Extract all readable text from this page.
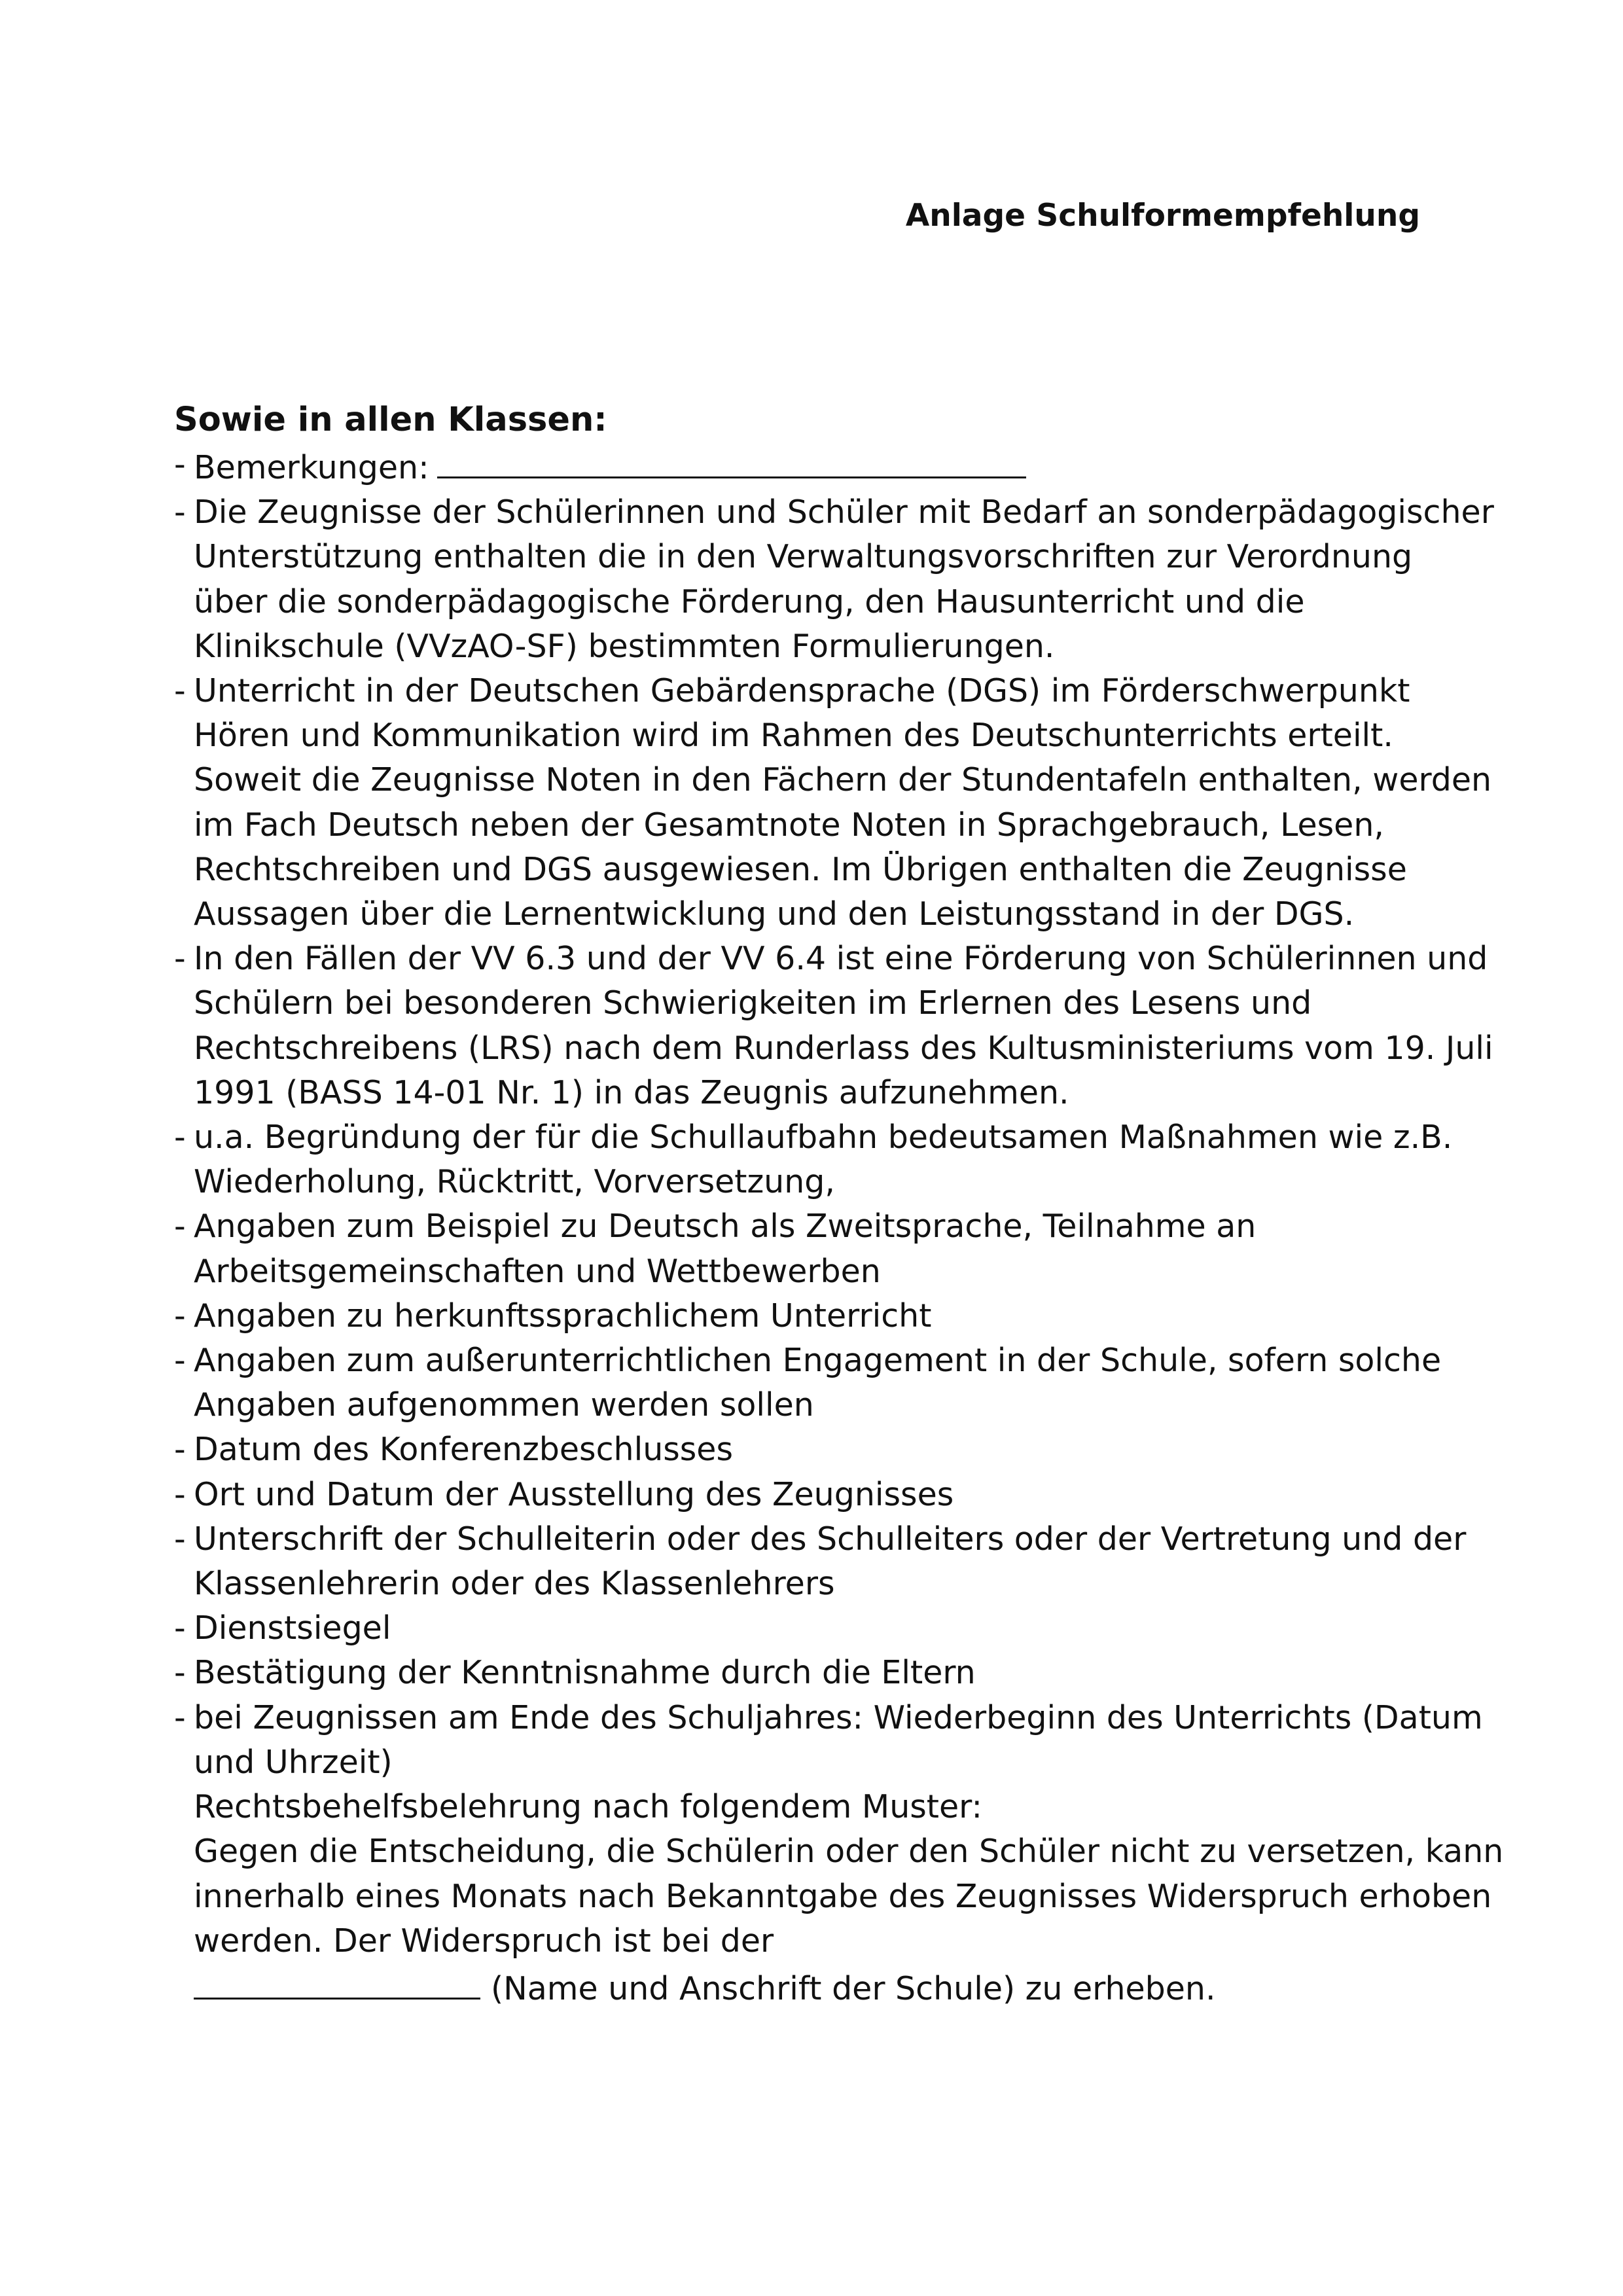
Anlage Schulformempfehlung

Sowie in allen Klassen:

- Bemerkungen:
- Die Zeugnisse der Schülerinnen und Schüler mit Bedarf an sonderpädagogischer
Unterstützung enthalten die in den Verwaltungsvorschriften zur Verordnung
über die sonderpädagogische Förderung, den Hausunterricht und die
Klinikschule (VVzAO-SF) bestimmten Formulierungen.
- Unterricht in der Deutschen Gebärdensprache (DGS) im Förderschwerpunkt
Hören und Kommunikation wird im Rahmen des Deutschunterrichts erteilt.
Soweit die Zeugnisse Noten in den Fächern der Stundentafeln enthalten, werden
im Fach Deutsch neben der Gesamtnote Noten in Sprachgebrauch, Lesen,
Rechtschreiben und DGS ausgewiesen. Im Übrigen enthalten die Zeugnisse
Aussagen über die Lernentwicklung und den Leistungsstand in der DGS.
- In den Fällen der VV 6.3 und der VV 6.4 ist eine Förderung von Schülerinnen und
Schülern bei besonderen Schwierigkeiten im Erlernen des Lesens und
Rechtschreibens (LRS) nach dem Runderlass des Kultusministeriums vom 19. Juli
1991 (BASS 14-01 Nr. 1) in das Zeugnis aufzunehmen.
- u.a. Begründung der für die Schullaufbahn bedeutsamen Maßnahmen wie z.B.
Wiederholung, Rücktritt, Vorversetzung,
- Angaben zum Beispiel zu Deutsch als Zweitsprache, Teilnahme an
Arbeitsgemeinschaften und Wettbewerben
- Angaben zu herkunftssprachlichem Unterricht
- Angaben zum außerunterrichtlichen Engagement in der Schule, sofern solche
Angaben aufgenommen werden sollen
- Datum des Konferenzbeschlusses
- Ort und Datum der Ausstellung des Zeugnisses
- Unterschrift der Schulleiterin oder des Schulleiters oder der Vertretung und der
Klassenlehrerin oder des Klassenlehrers
- Dienstsiegel
- Bestätigung der Kenntnisnahme durch die Eltern
- bei Zeugnissen am Ende des Schuljahres: Wiederbeginn des Unterrichts (Datum
und Uhrzeit)
Rechtsbehelfsbelehrung nach folgendem Muster:
Gegen die Entscheidung, die Schülerin oder den Schüler nicht zu versetzen, kann
innerhalb eines Monats nach Bekanntgabe des Zeugnisses Widerspruch erhoben
werden. Der Widerspruch ist bei der
(Name und Anschrift der Schule) zu erheben.
